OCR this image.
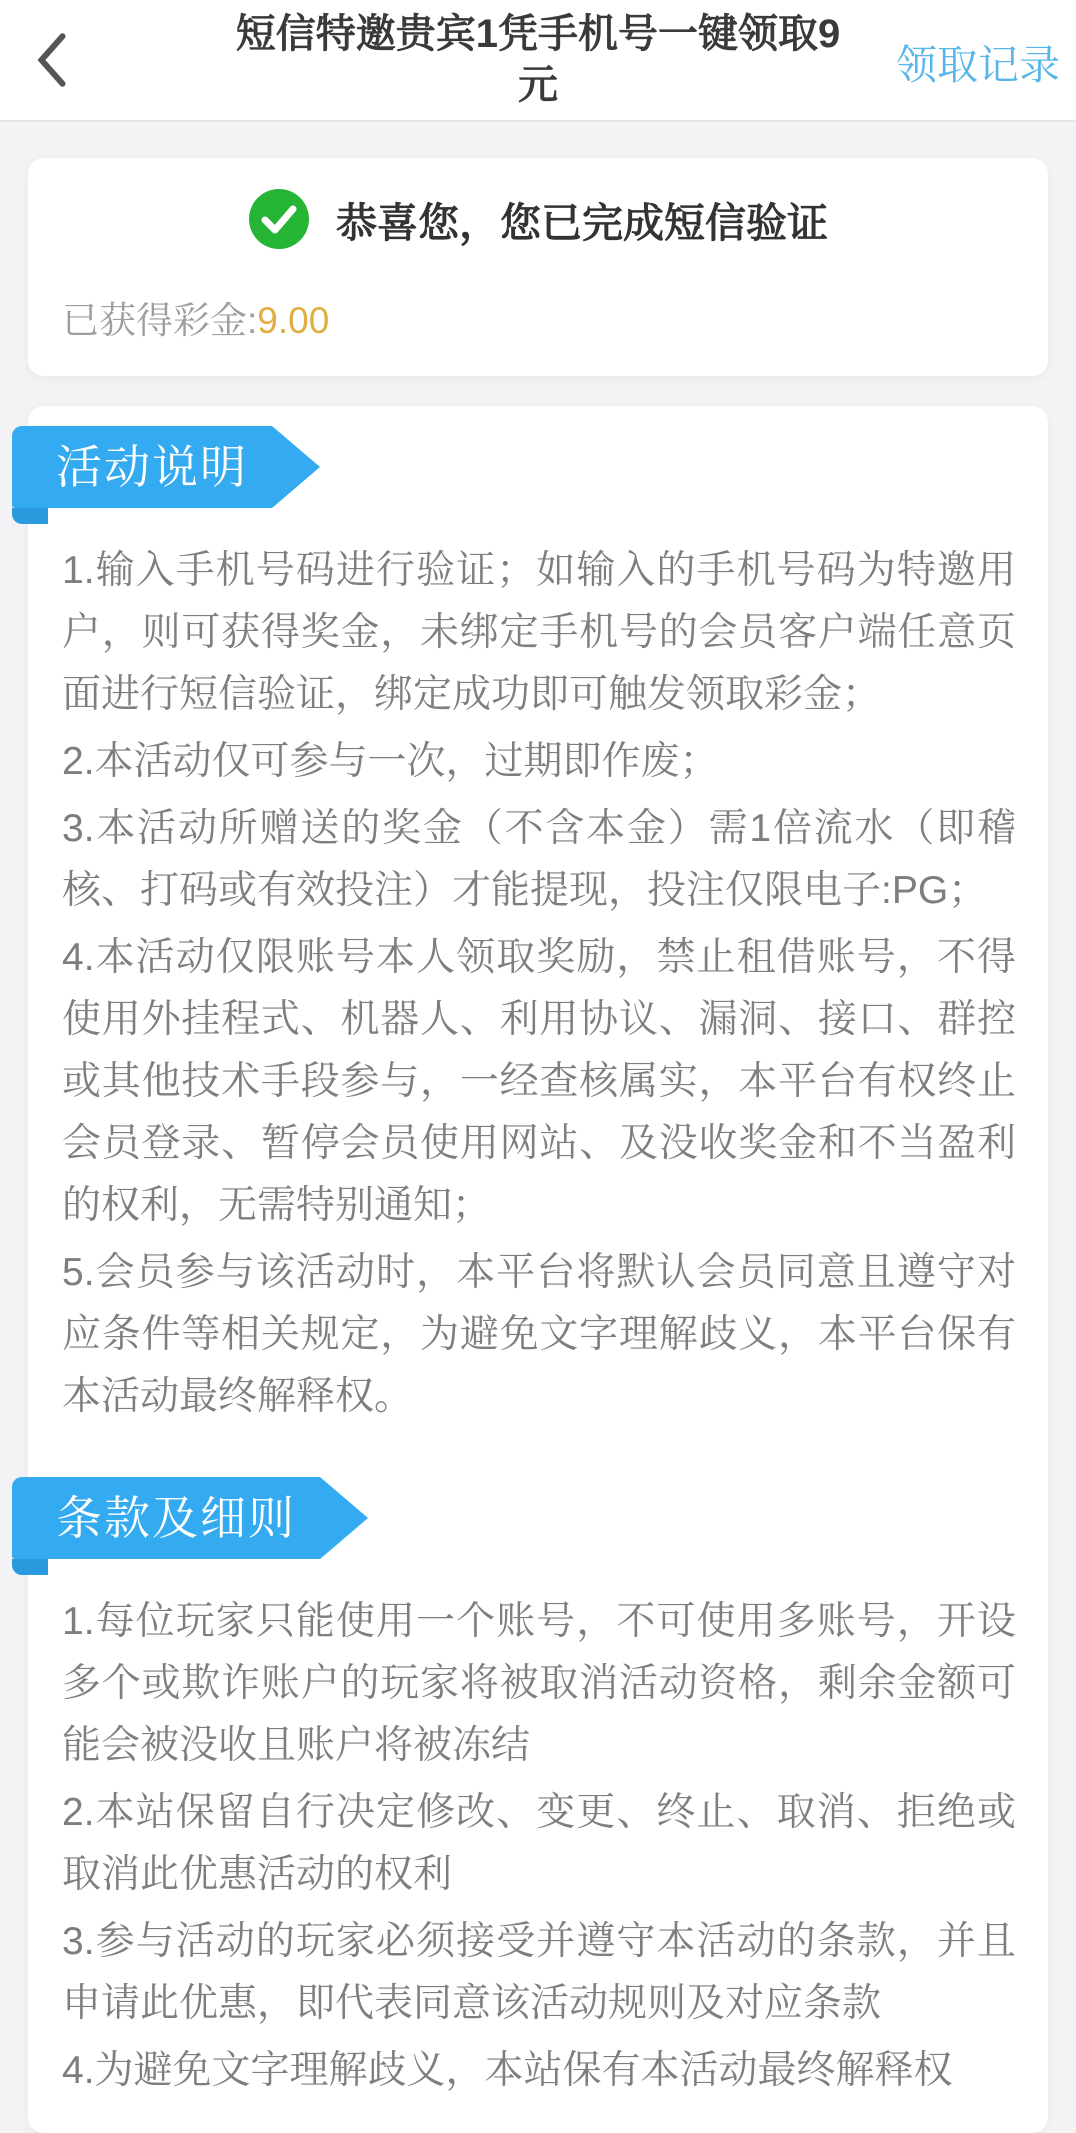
短信特邀贵宾1凭手机号一键领取9元	领取记录
恭喜您，您已完成短信验证
已获得彩金:9.00
活动说明

1.输入手机号码进行验证；如输入的手机号码为特邀用户，则可获得奖金，未绑定手机号的会员客户端任意页面进行短信验证，绑定成功即可触发领取彩金；

2.本活动仅可参与一次，过期即作废；

3.本活动所赠送的奖金（不含本金）需1倍流水（即稽核、打码或有效投注）才能提现，投注仅限电子:PG；

4.本活动仅限账号本人领取奖励，禁止租借账号，不得使用外挂程式、机器人、利用协议、漏洞、接口、群控或其他技术手段参与，一经查核属实，本平台有权终止会员登录、暂停会员使用网站、及没收奖金和不当盈利的权利，无需特别通知；

5.会员参与该活动时，本平台将默认会员同意且遵守对应条件等相关规定，为避免文字理解歧义，本平台保有本活动最终解释权。

条款及细则

1.每位玩家只能使用一个账号，不可使用多账号，开设多个或欺诈账户的玩家将被取消活动资格，剩余金额可能会被没收且账户将被冻结

2.本站保留自行决定修改、变更、终止、取消、拒绝或取消此优惠活动的权利

3.参与活动的玩家必须接受并遵守本活动的条款，并且申请此优惠，即代表同意该活动规则及对应条款

4.为避免文字理解歧义，本站保有本活动最终解释权
